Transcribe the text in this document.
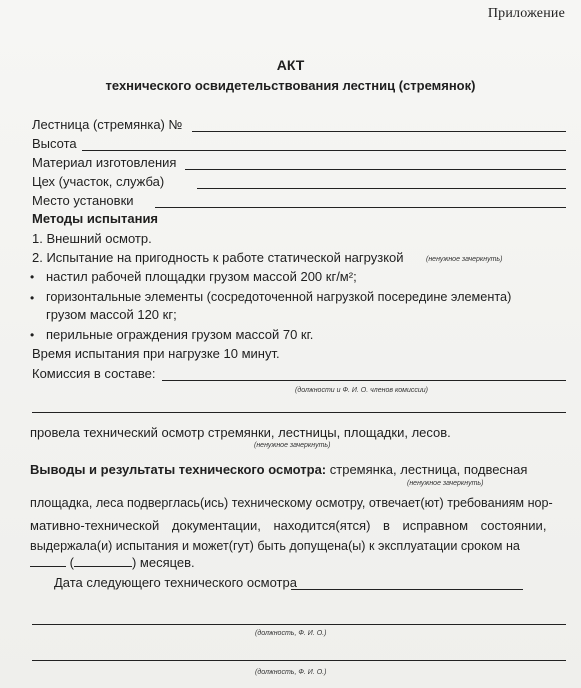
Приложение
АКТ
технического освидетельствования лестниц (стремянок)
Лестница (стремянка) №
Высота
Материал изготовления
Цех (участок, служба)
Место установки
Методы испытания
1. Внешний осмотр.
2. Испытание на пригодность к работе статической нагрузкой	(ненужное зачеркнуть)
• настил рабочей площадки грузом массой 200 кг/м²;
• горизонтальные элементы (сосредоточенной нагрузкой посередине элемента)
грузом массой 120 кг;
• перильные ограждения грузом массой 70 кг.
Время испытания при нагрузке 10 минут.
Комиссия в составе:
(должности и Ф. И. О. членов комиссии)
провела технический осмотр стремянки, лестницы, площадки, лесов.
(ненужное зачеркнуть)
Выводы и результаты технического осмотра: стремянка, лестница, подвесная
(ненужное зачеркнуть)
площадка, леса подверглась(ись) техническому осмотру, отвечает(ют) требованиям нор-
мативно-технической документации, находится(ятся) в исправном состоянии,
выдержала(и) испытания и может(гут) быть допущена(ы) к эксплуатации сроком на
(	) месяцев.
Дата следующего технического осмотра
(должность, Ф. И. О.)
(должность, Ф. И. О.)
